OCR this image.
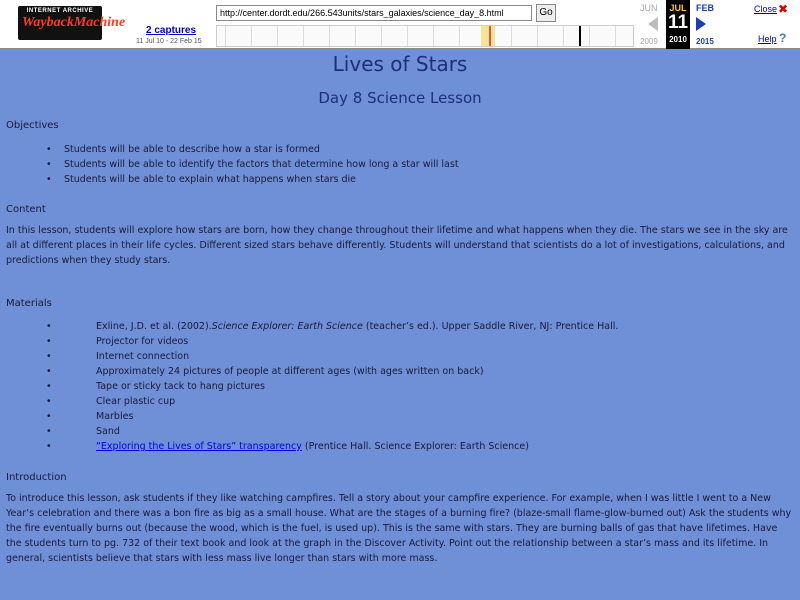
INTERNET ARCHIVE
WaybackMachine
http://center.dordt.edu/266.543units/stars_galaxies/science_day_8.html
Go
2 captures
11 Jul 10 - 22 Feb 15
JUN
2009
JUL
11
2010
FEB
2015
Close ✖
Help ?
Lives of Stars
Day 8 Science Lesson
Objectives
• Students will be able to describe how a star is formed
• Students will be able to identify the factors that determine how long a star will last
• Students will be able to explain what happens when stars die
Content

In this lesson, students will explore how stars are born, how they change throughout their lifetime and what happens when they die. The stars we see in the sky are all at different places in their life cycles. Different sized stars behave differently. Students will understand that scientists do a lot of investigations, calculations, and predictions when they study stars.

Materials
• Exline, J.D. et al. (2002).Science Explorer: Earth Science (teacher’s ed.). Upper Saddle River, NJ: Prentice Hall.
• Projector for videos
• Internet connection
• Approximately 24 pictures of people at different ages (with ages written on back)
• Tape or sticky tack to hang pictures
• Clear plastic cup
• Marbles
• Sand
• “Exploring the Lives of Stars” transparency (Prentice Hall. Science Explorer: Earth Science)
Introduction

To introduce this lesson, ask students if they like watching campfires. Tell a story about your campfire experience. For example, when I was little I went to a New Year’s celebration and there was a bon fire as big as a small house. What are the stages of a burning fire? (blaze-small flame-glow-burned out) Ask the students why the fire eventually burns out (because the wood, which is the fuel, is used up). This is the same with stars. They are burning balls of gas that have lifetimes. Have the students turn to pg. 732 of their text book and look at the graph in the Discover Activity. Point out the relationship between a star’s mass and its lifetime. In general, scientists believe that stars with less mass live longer than stars with more mass.
